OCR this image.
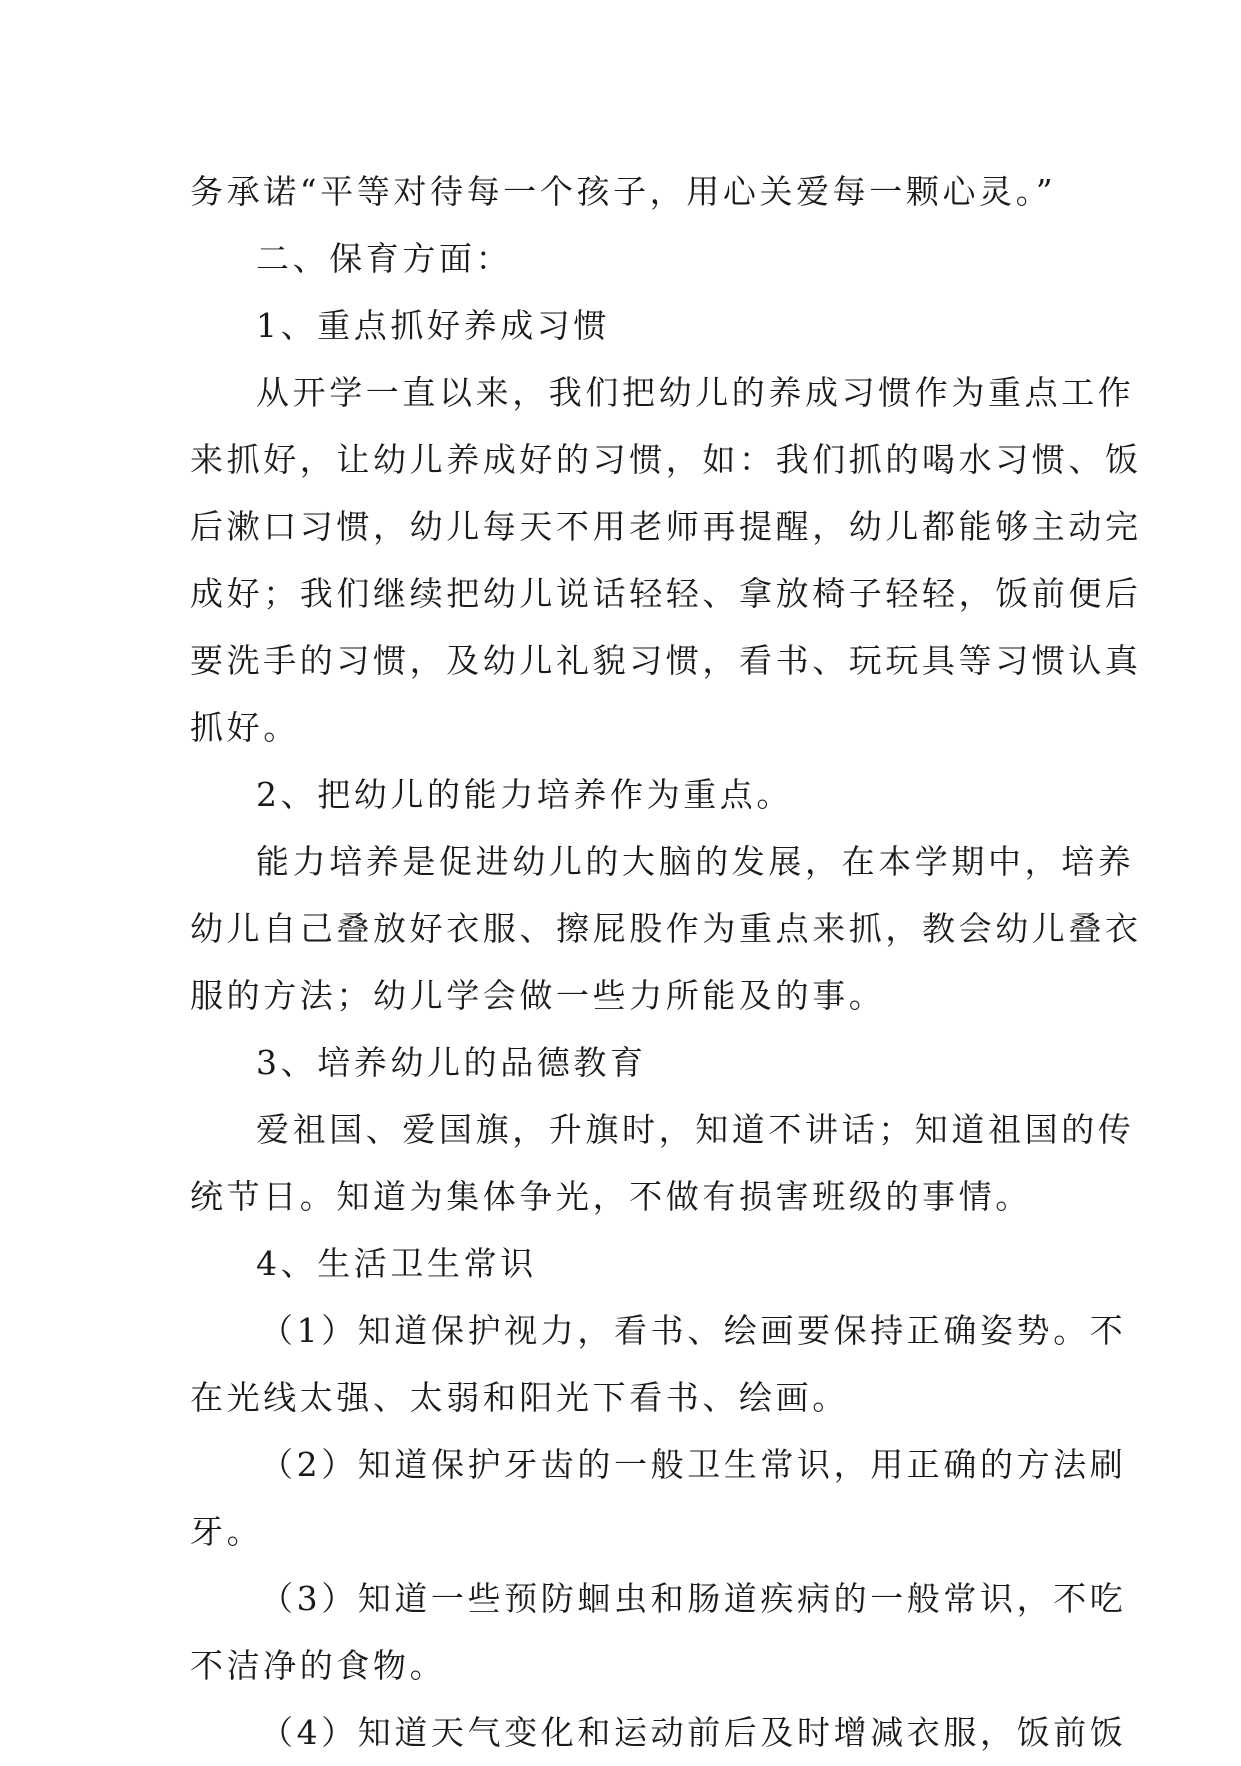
务承诺“平等对待每一个孩子，用心关爱每一颗心灵。”
二、保育方面：
1、重点抓好养成习惯
从开学一直以来，我们把幼儿的养成习惯作为重点工作
来抓好，让幼儿养成好的习惯，如：我们抓的喝水习惯、饭
后漱口习惯，幼儿每天不用老师再提醒，幼儿都能够主动完
成好；我们继续把幼儿说话轻轻、拿放椅子轻轻，饭前便后
要洗手的习惯，及幼儿礼貌习惯，看书、玩玩具等习惯认真
抓好。
2、把幼儿的能力培养作为重点。
能力培养是促进幼儿的大脑的发展，在本学期中，培养
幼儿自己叠放好衣服、擦屁股作为重点来抓，教会幼儿叠衣
服的方法；幼儿学会做一些力所能及的事。
3、培养幼儿的品德教育
爱祖国、爱国旗，升旗时，知道不讲话；知道祖国的传
统节日。知道为集体争光，不做有损害班级的事情。
4、生活卫生常识
（1）知道保护视力，看书、绘画要保持正确姿势。不
在光线太强、太弱和阳光下看书、绘画。
（2）知道保护牙齿的一般卫生常识，用正确的方法刷
牙。
（3）知道一些预防蛔虫和肠道疾病的一般常识，不吃
不洁净的食物。
（4）知道天气变化和运动前后及时增减衣服，饭前饭
